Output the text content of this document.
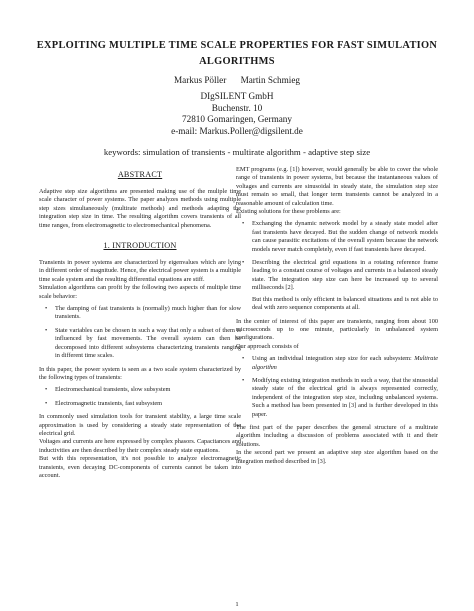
EXPLOITING MULTIPLE TIME SCALE PROPERTIES FOR FAST SIMULATION
ALGORITHMS
Markus Pöller Martin Schmieg
DIgSILENT GmbH
Buchenstr. 10
72810 Gomaringen, Germany
e-mail: Markus.Poller@digsilent.de
keywords: simulation of transients - multirate algorithm - adaptive step size
ABSTRACT

Adaptive step size algorithms are presented making use of the muliple time scale character of power systems. The paper analyzes methods using multiple step sizes simultaneously (multirate methods) and methods adapting the integration step size in time. The resulting algorithm covers transients of all time ranges, from electromagnetic to electromechanical phenomena.

1. INTRODUCTION

Transients in power systems are characterized by eigenvalues which are lying in different order of magnitude. Hence, the electrical power system is a multiple time scale system and the resulting differential equations are stiff.

Simulation algorithms can profit by the following two aspects of multiple time scale behavior:

• The damping of fast transients is (normally) much higher than for slow transients.
• State variables can be chosen in such a way that only a subset of them is influenced by fast movements. The overall system can then be decomposed into different subsystems characterizing transients ranging in different time scales.

In this paper, the power system is seen as a two scale system characterized by the following types of transients:

• Electromechanical transients, slow subsystem
• Electromagnetic transients, fast subsystem

In commonly used simulation tools for transient stability, a large time scale approximation is used by considering a steady state representation of the electrical grid.

Voltages and currents are here expressed by complex phasors. Capacitances and inductivities are then described by their complex steady state equations.

But with this representation, it's not possible to analyze electromagnetic transients, even decaying DC-components of currents cannot be taken into account.

EMT programs (e.g. [1]) however, would generally be able to cover the whole range of transients in power systems, but because the instantaneous values of voltages and currents are sinusoidal in steady state, the simulation step size must remain so small, that longer term transients cannot be analyzed in a reasonable amount of calculation time.

Existing solutions for these problems are:

• Exchanging the dynamic network model by a steady state model after fast transients have decayed. But the sudden change of network models can cause parasitic excitations of the overall system because the network models never match completely, even if fast transients have decayed.
• Describing the electrical grid equations in a rotating reference frame leading to a constant course of voltages and currents in a balanced steady state. The integration step size can here be increased up to several milliseconds [2].
But this method is only efficient in balanced situations and is not able to deal with zero sequence components at all.

In the center of interest of this paper are transients, ranging from about 100 microseconds up to one minute, particularly in unbalanced system configurations.

Our approach consists of

• Using an individual integration step size for each subsystem: Multirate algorithm
• Modifying existing integration methods in such a way, that the sinusoidal steady state of the electrical grid is always represented correctly, independent of the integration step size, including unbalanced systems. Such a method has been presented in [3] and is further developed in this paper.

The first part of the paper describes the general structure of a multirate algorithm including a discussion of problems associated with it and their solutions.

In the second part we present an adaptive step size algorithm based on the integration method described in [3].

1
